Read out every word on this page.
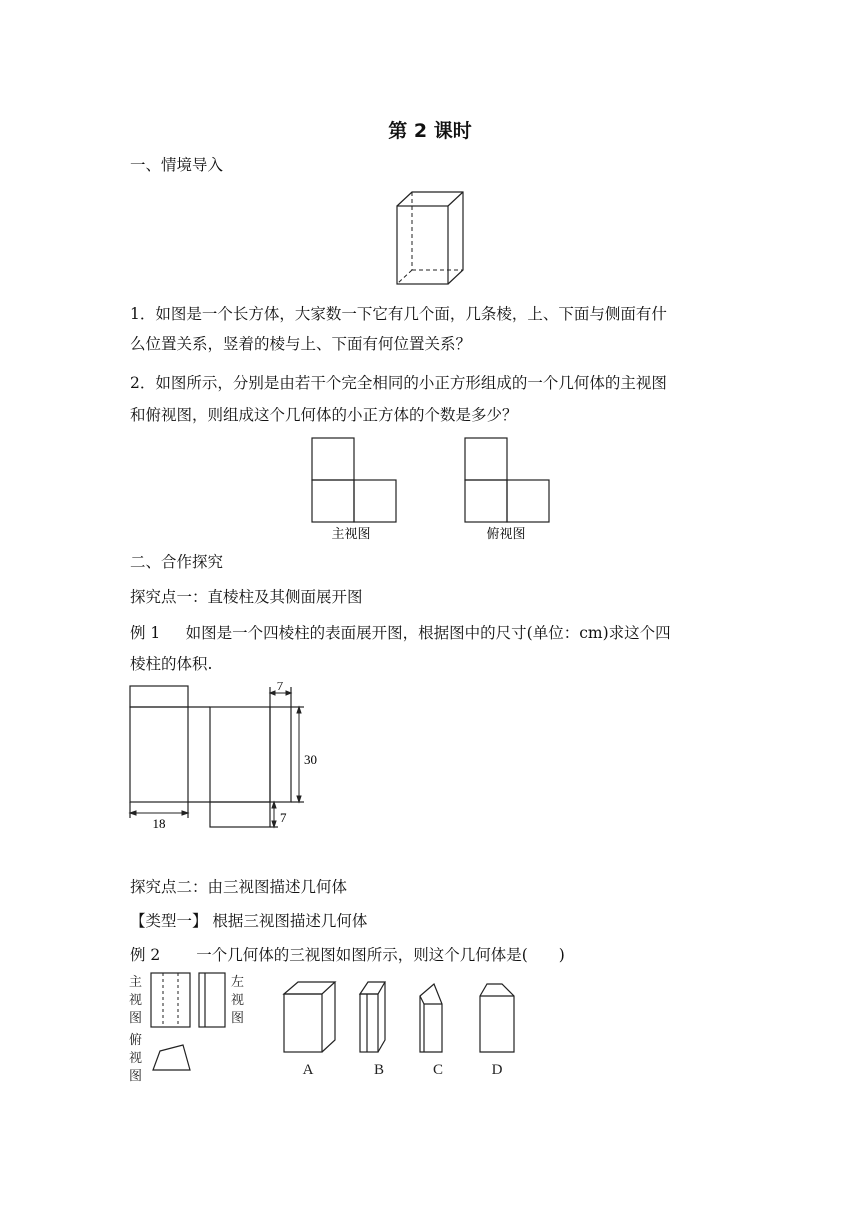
第 2 课时
一、情境导入
1．如图是一个长方体，大家数一下它有几个面，几条棱，上、下面与侧面有什
么位置关系，竖着的棱与上、下面有何位置关系？
2．如图所示，分别是由若干个完全相同的小正方形组成的一个几何体的主视图
和俯视图，则组成这个几何体的小正方体的个数是多少？
主视图	俯视图
二、合作探究
探究点一：直棱柱及其侧面展开图
例 1 　 如图是一个四棱柱的表面展开图，根据图中的尺寸(单位：cm)求这个四
棱柱的体积.
7
30
18	7
探究点二：由三视图描述几何体
【类型一】 根据三视图描述几何体
例 2 　　一个几何体的三视图如图所示，则这个几何体是(　　)
主
视
图
左
视
图
俯
视
图	A	B	C	D
